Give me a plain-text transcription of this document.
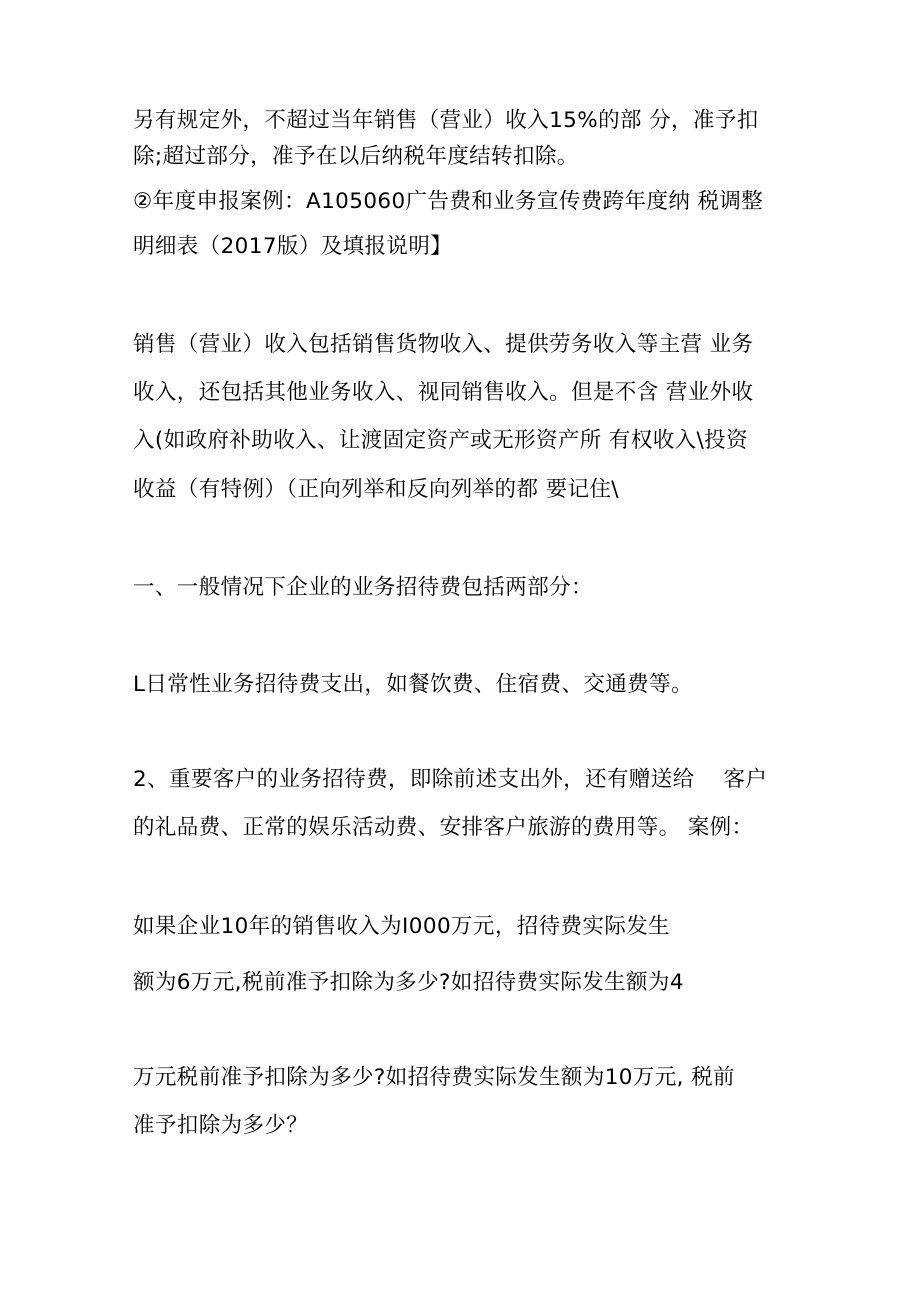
另有规定外，不超过当年销售（营业）收入15%的部 分，准予扣
除;超过部分，准予在以后纳税年度结转扣除。
②年度申报案例：A105060广告费和业务宣传费跨年度纳 税调整
明细表（2017版）及填报说明】
销售（营业）收入包括销售货物收入、提供劳务收入等主营 业务
收入，还包括其他业务收入、视同销售收入。但是不含 营业外收
入(如政府补助收入、让渡固定资产或无形资产所 有权收入\投资
收益（有特例）（正向列举和反向列举的都 要记住\
一、一般情况下企业的业务招待费包括两部分：
L日常性业务招待费支出，如餐饮费、住宿费、交通费等。
2、重要客户的业务招待费，即除前述支出外，还有赠送给    客户
的礼品费、正常的娱乐活动费、安排客户旅游的费用等。 案例：
如果企业10年的销售收入为I000万元，招待费实际发生
额为6万元,税前准予扣除为多少?如招待费实际发生额为4
万元税前准予扣除为多少?如招待费实际发生额为10万元, 税前
准予扣除为多少？
